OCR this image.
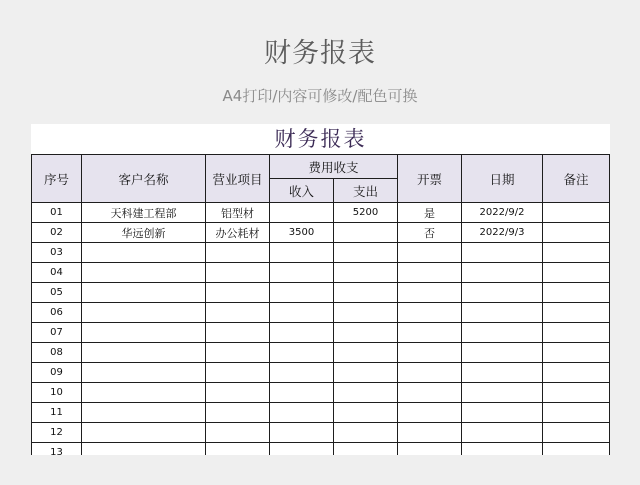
财务报表
A4打印/内容可修改/配色可换
财务报表
序号	客户名称	营业项目	费用收支		开票	日期	备注
			收入	支出			
01	天科建工程部	铝型材		5200	是	2022/9/2	
02	华远创新	办公耗材	3500		否	2022/9/3	
03							
04							
05							
06							
07							
08							
09							
10							
11							
12							
13							
